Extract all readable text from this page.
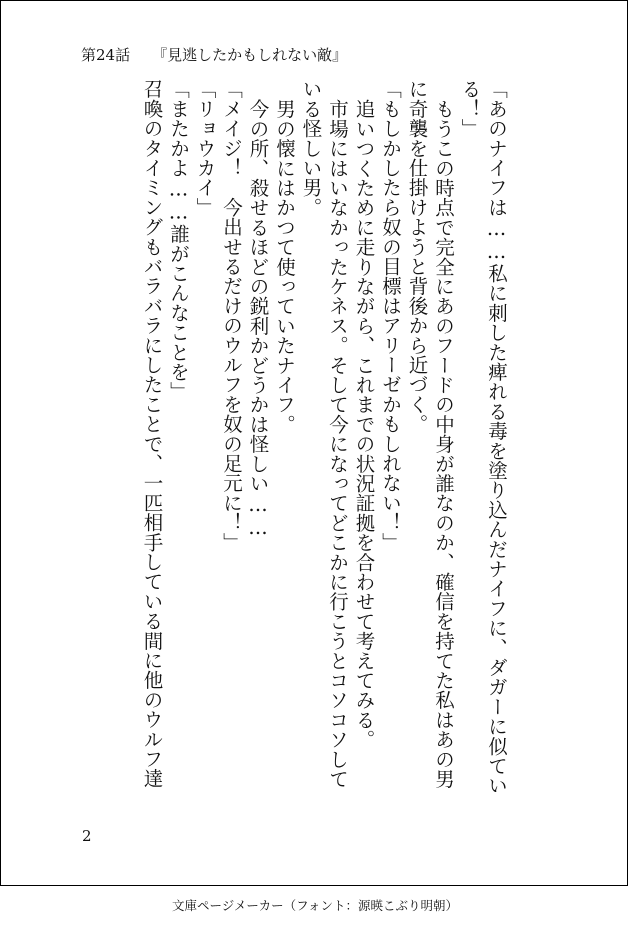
第24話 『見逃したかもしれない敵』

「あのナイフは……私に刺した痺れる毒を塗り込んだナイフに、ダガーに似ている！」

もうこの時点で完全にあのフードの中身が誰なのか、確信を持てた私はあの男に奇襲を仕掛けようと背後から近づく。

「もしかしたら奴の目標はアリーゼかもしれない！」

追いつくために走りながら、これまでの状況証拠を合わせて考えてみる。

市場にはいなかったケネス。そして今になってどこかに行こうとコソコソしている怪しい男。

男の懐にはかつて使っていたナイフ。

今の所、殺せるほどの鋭利かどうかは怪しい……

「メイジ！　今出せるだけのウルフを奴の足元に！」

「リョウカイ」

「またかよ……誰がこんなことを」

召喚のタイミングもバラバラにしたことで、一匹相手している間に他のウルフ達

2
文庫ページメーカー（フォント：源暎こぶり明朝）
